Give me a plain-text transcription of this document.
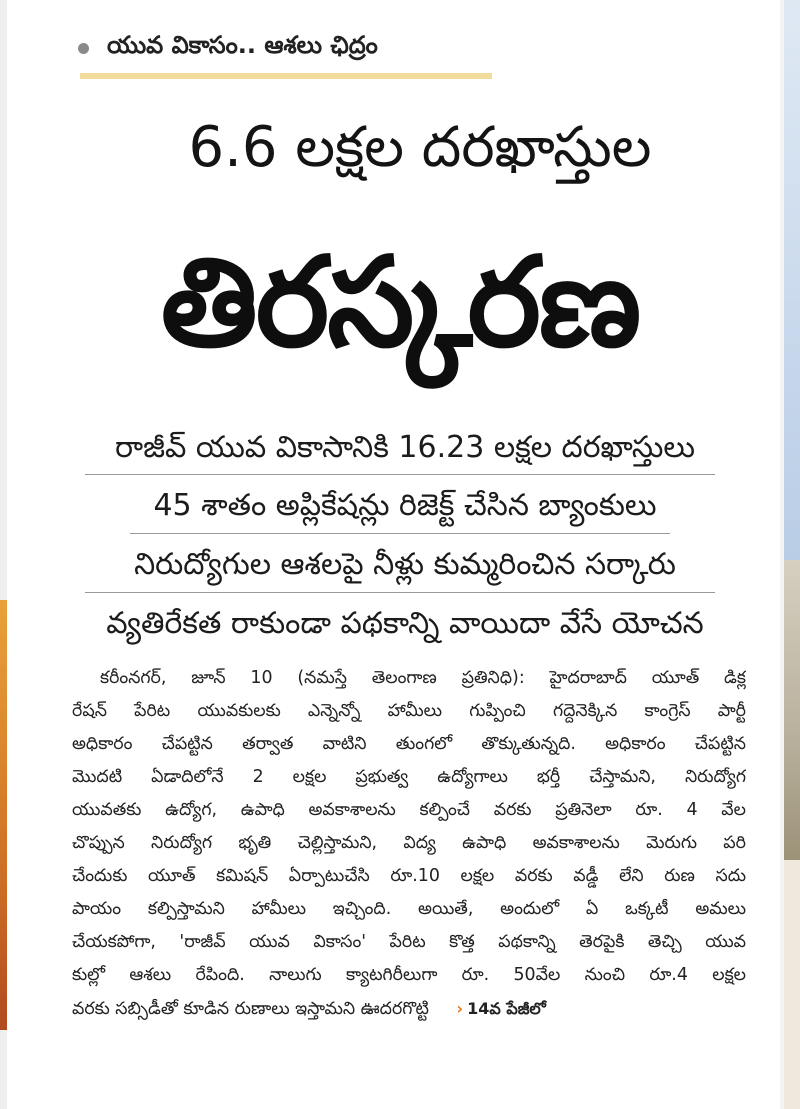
యువ వికాసం.. ఆశలు ఛిద్రం
6.6 లక్షల దరఖాస్తుల
తిరస్కరణ
రాజీవ్ యువ వికాసానికి 16.23 లక్షల దరఖాస్తులు
45 శాతం అప్లికేషన్లు రిజెక్ట్ చేసిన బ్యాంకులు
నిరుద్యోగుల ఆశలపై నీళ్లు కుమ్మరించిన సర్కారు
వ్యతిరేకత రాకుండా పథకాన్ని వాయిదా వేసే యోచన
కరీంనగర్, జూన్ 10 (నమస్తే తెలంగాణ ప్రతినిధి): హైదరాబాద్ యూత్ డిక్ల
రేషన్ పేరిట యువకులకు ఎన్నెన్నో హామీలు గుప్పించి గద్దెనెక్కిన కాంగ్రెస్ పార్టీ
అధికారం చేపట్టిన తర్వాత వాటిని తుంగలో తొక్కుతున్నది. అధికారం చేపట్టిన
మొదటి ఏడాదిలోనే 2 లక్షల ప్రభుత్వ ఉద్యోగాలు భర్తీ చేస్తామని, నిరుద్యోగ
యువతకు ఉద్యోగ, ఉపాధి అవకాశాలను కల్పించే వరకు ప్రతినెలా రూ. 4 వేల
చొప్పున నిరుద్యోగ భృతి చెల్లిస్తామని, విద్య ఉపాధి అవకాశాలను మెరుగు పరి
చేందుకు యూత్ కమిషన్ ఏర్పాటుచేసి రూ.10 లక్షల వరకు వడ్డీ లేని రుణ సదు
పాయం కల్పిస్తామని హామీలు ఇచ్చింది. అయితే, అందులో ఏ ఒక్కటీ అమలు
చేయకపోగా, 'రాజీవ్ యువ వికాసం' పేరిట కొత్త పథకాన్ని తెరపైకి తెచ్చి యువ
కుల్లో ఆశలు రేపింది. నాలుగు క్యాటగిరీలుగా రూ. 50వేల నుంచి రూ.4 లక్షల
వరకు సబ్సిడీతో కూడిన రుణాలు ఇస్తామని ఊదరగొట్టి › 14వ పేజీలో
